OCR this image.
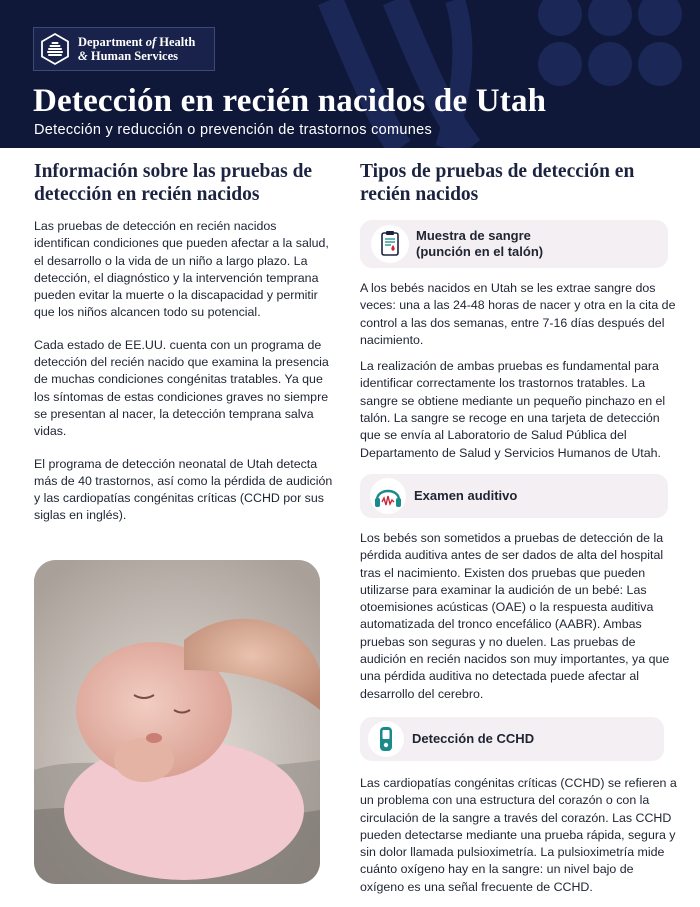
Department of Health
& Human Services
Detección en recién nacidos de Utah
Detección y reducción o prevención de trastornos comunes
Información sobre las pruebas de detección en recién nacidos

Las pruebas de detección en recién nacidos identifican condiciones que pueden afectar a la salud, el desarrollo o la vida de un niño a largo plazo. La detección, el diagnóstico y la intervención temprana pueden evitar la muerte o la discapacidad y permitir que los niños alcancen todo su potencial.

Cada estado de EE.UU. cuenta con un programa de detección del recién nacido que examina la presencia de muchas condiciones congénitas tratables. Ya que los síntomas de estas condiciones graves no siempre se presentan al nacer, la detección temprana salva vidas.

El programa de detección neonatal de Utah detecta más de 40 trastornos, así como la pérdida de audición y las cardiopatías congénitas críticas (CCHD por sus siglas en inglés).

Tipos de pruebas de detección en recién nacidos
Muestra de sangre
(punción en el talón)

A los bebés nacidos en Utah se les extrae sangre dos veces: una a las 24-48 horas de nacer y otra en la cita de control a las dos semanas, entre 7-16 días después del nacimiento.

La realización de ambas pruebas es fundamental para identificar correctamente los trastornos tratables. La sangre se obtiene mediante un pequeño pinchazo en el talón. La sangre se recoge en una tarjeta de detección que se envía al Laboratorio de Salud Pública del Departamento de Salud y Servicios Humanos de Utah.

Examen auditivo

Los bebés son sometidos a pruebas de detección de la pérdida auditiva antes de ser dados de alta del hospital tras el nacimiento. Existen dos pruebas que pueden utilizarse para examinar la audición de un bebé: Las otoemisiones acústicas (OAE) o la respuesta auditiva automatizada del tronco encefálico (AABR). Ambas pruebas son seguras y no duelen. Las pruebas de audición en recién nacidos son muy importantes, ya que una pérdida auditiva no detectada puede afectar al desarrollo del cerebro.

Detección de CCHD

Las cardiopatías congénitas críticas (CCHD) se refieren a un problema con una estructura del corazón o con la circulación de la sangre a través del corazón. Las CCHD pueden detectarse mediante una prueba rápida, segura y sin dolor llamada pulsioximetría. La pulsioximetría mide cuánto oxígeno hay en la sangre: un nivel bajo de oxígeno es una señal frecuente de CCHD.
